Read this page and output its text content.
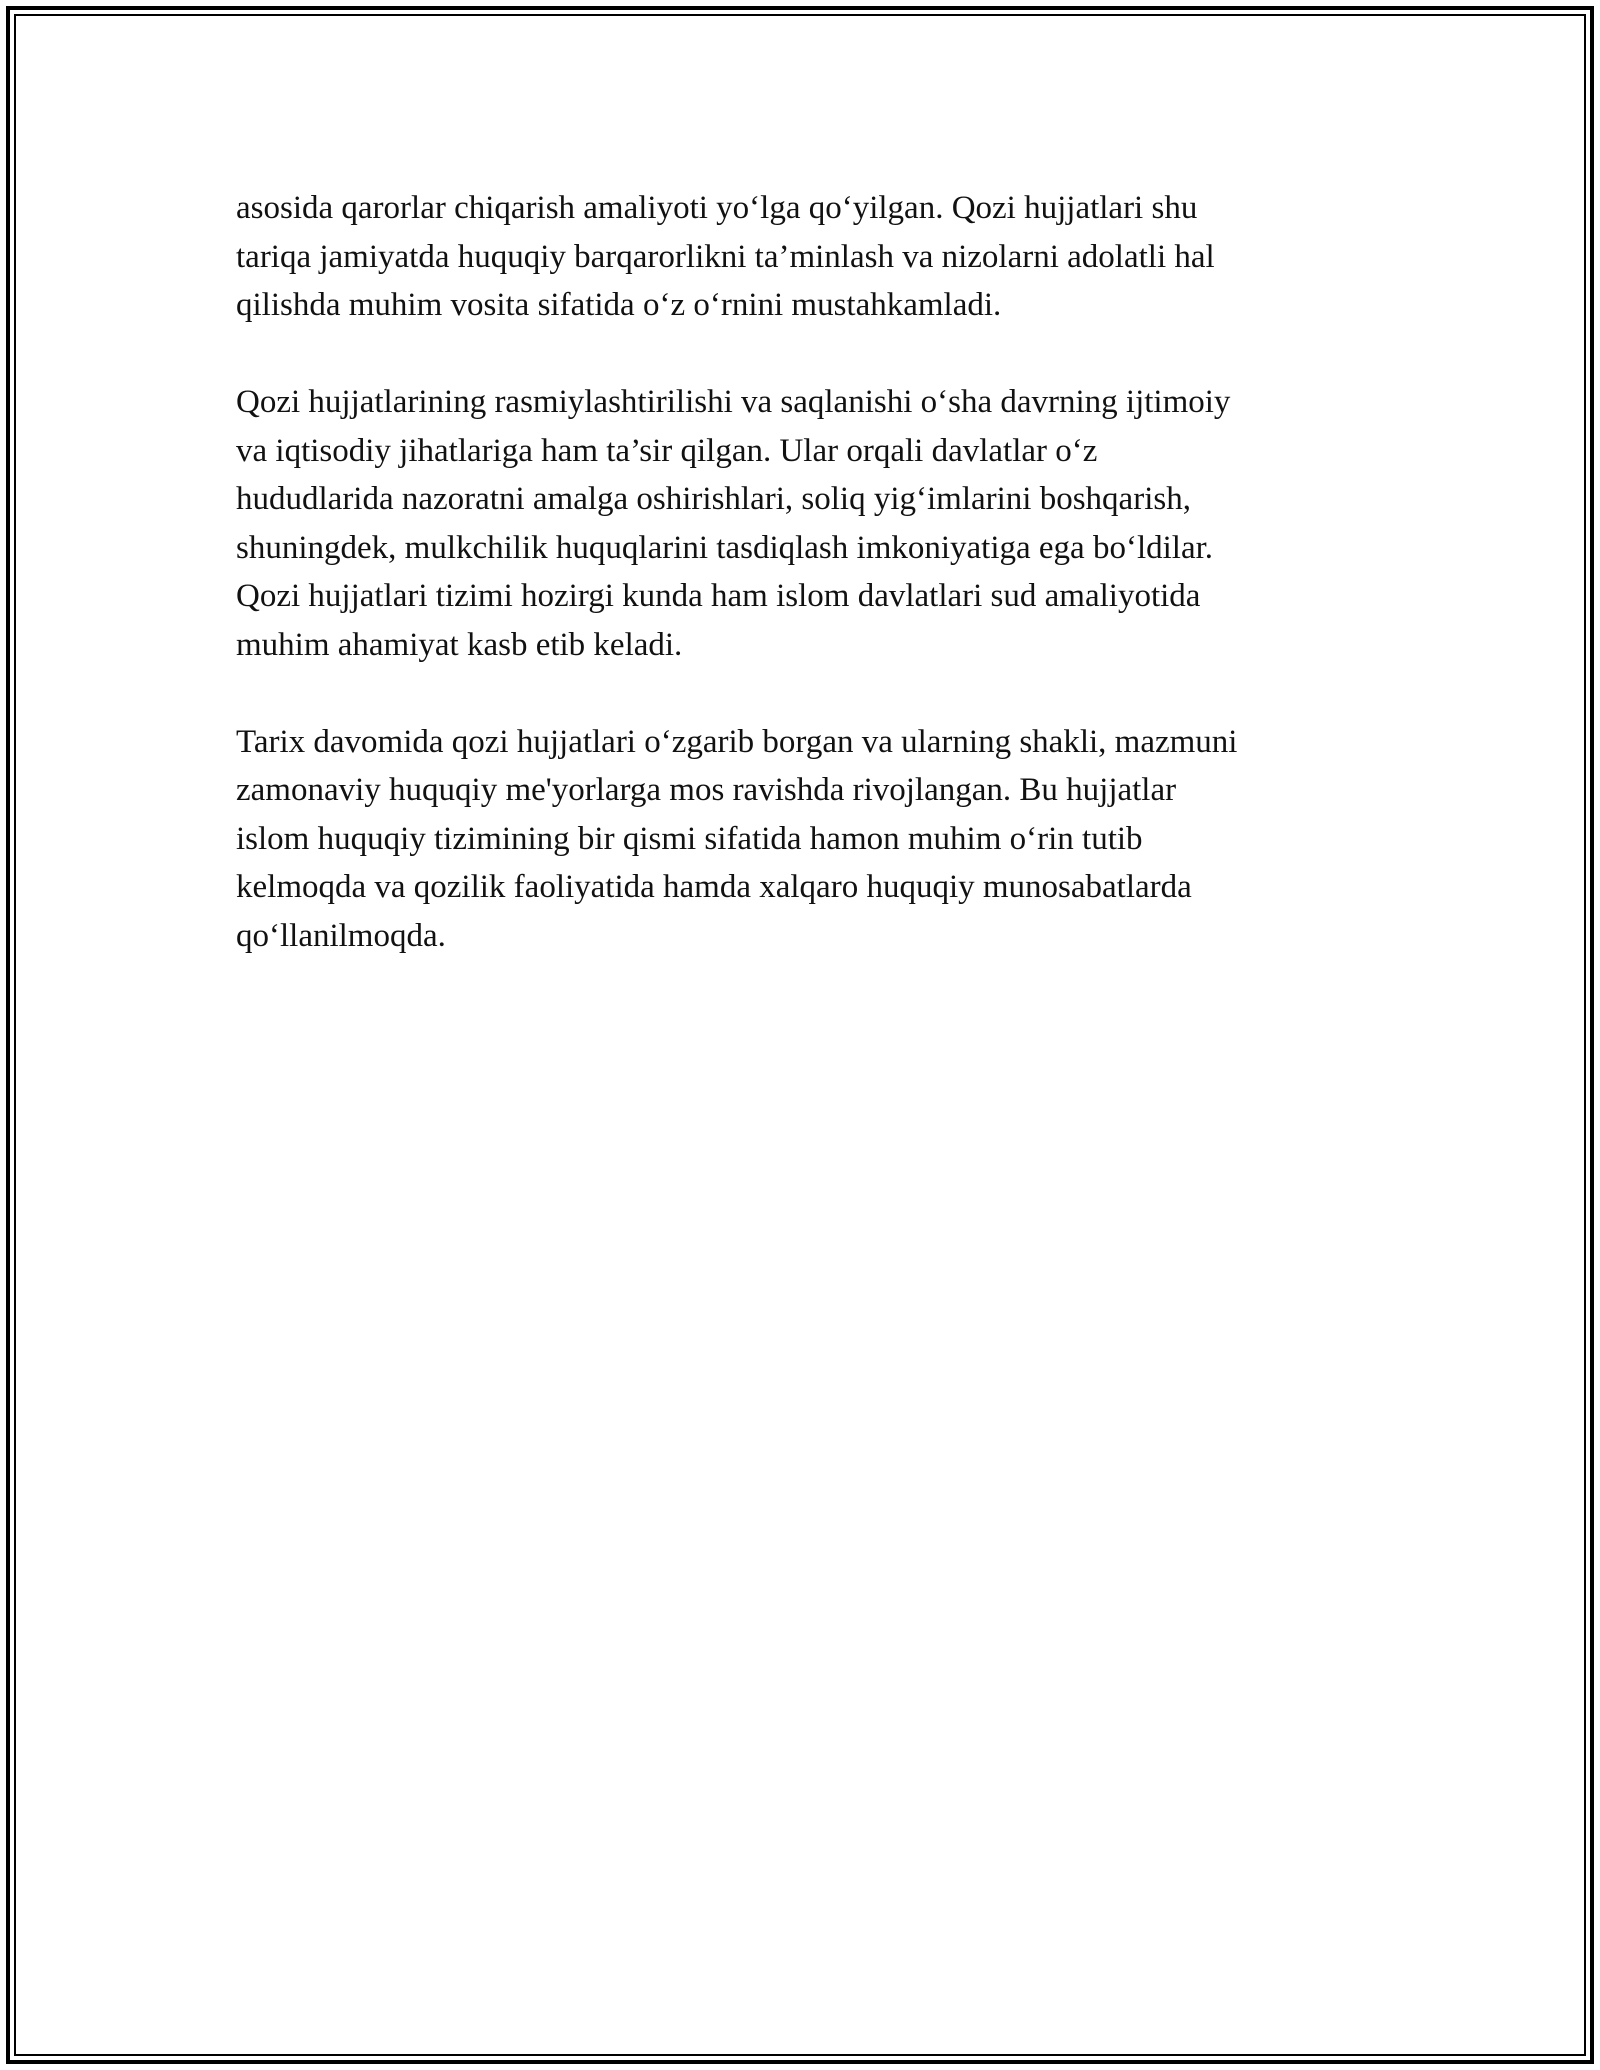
asosida qarorlar chiqarish amaliyoti yo‘lga qo‘yilgan. Qozi hujjatlari shu
tariqa jamiyatda huquqiy barqarorlikni ta’minlash va nizolarni adolatli hal
qilishda muhim vosita sifatida o‘z o‘rnini mustahkamladi.

Qozi hujjatlarining rasmiylashtirilishi va saqlanishi o‘sha davrning ijtimoiy
va iqtisodiy jihatlariga ham ta’sir qilgan. Ular orqali davlatlar o‘z
hududlarida nazoratni amalga oshirishlari, soliq yig‘imlarini boshqarish,
shuningdek, mulkchilik huquqlarini tasdiqlash imkoniyatiga ega bo‘ldilar.
Qozi hujjatlari tizimi hozirgi kunda ham islom davlatlari sud amaliyotida
muhim ahamiyat kasb etib keladi.

Tarix davomida qozi hujjatlari o‘zgarib borgan va ularning shakli, mazmuni
zamonaviy huquqiy me'yorlarga mos ravishda rivojlangan. Bu hujjatlar
islom huquqiy tizimining bir qismi sifatida hamon muhim o‘rin tutib
kelmoqda va qozilik faoliyatida hamda xalqaro huquqiy munosabatlarda
qo‘llanilmoqda.
